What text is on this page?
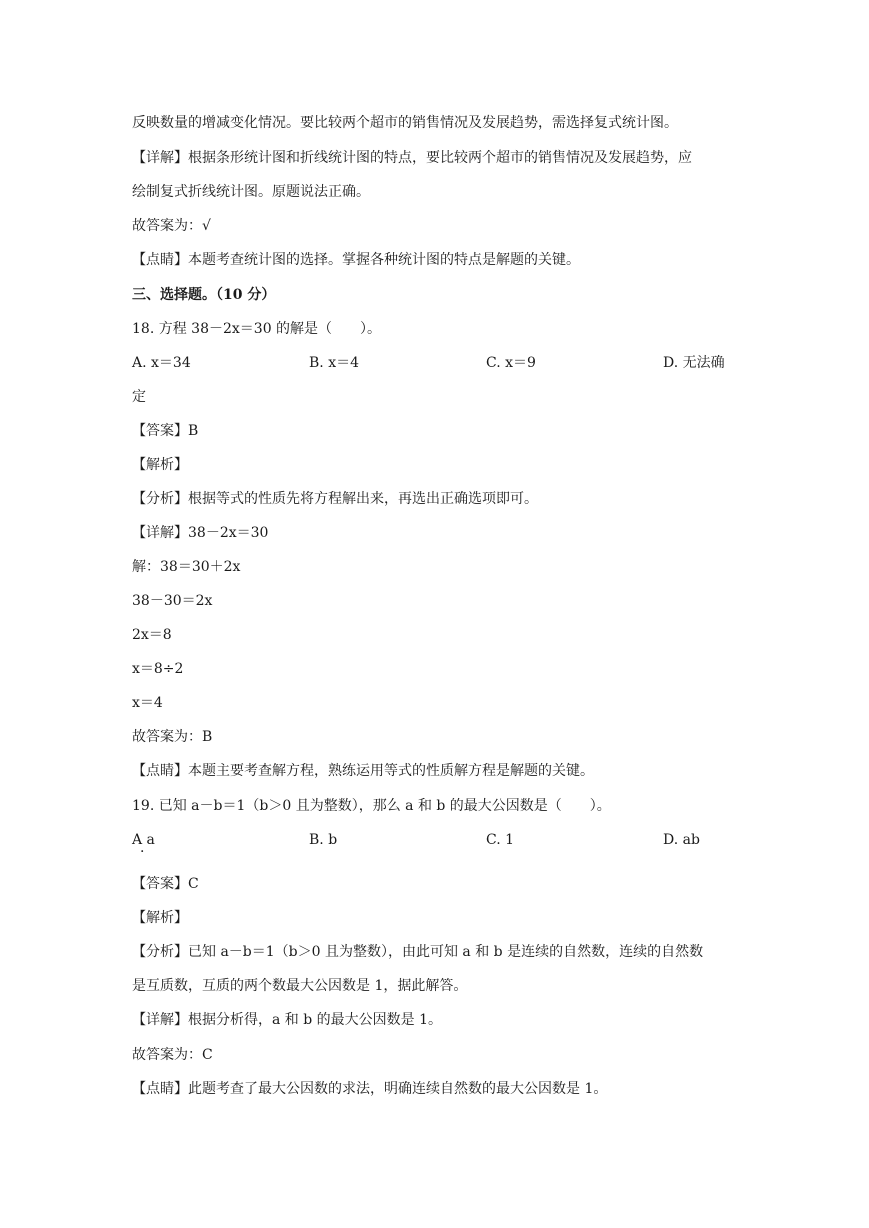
反映数量的增减变化情况。要比较两个超市的销售情况及发展趋势，需选择复式统计图。
【详解】根据条形统计图和折线统计图的特点，要比较两个超市的销售情况及发展趋势，应
绘制复式折线统计图。原题说法正确。
故答案为：√
【点睛】本题考查统计图的选择。掌握各种统计图的特点是解题的关键。
三、选择题。（10 分）
18. 方程 38－2x＝30 的解是（　　）。
A. x＝34	B. x＝4	C. x＝9	D. 无法确
定
【答案】B
【解析】
【分析】根据等式的性质先将方程解出来，再选出正确选项即可。
【详解】38－2x＝30
解：38＝30＋2x
38－30＝2x
2x＝8
x＝8÷2
x＝4
故答案为：B
【点睛】本题主要考查解方程，熟练运用等式的性质解方程是解题的关键。
19. 已知 a－b＝1（b＞0 且为整数），那么 a 和 b 的最大公因数是（　　）。
A a
·
B. b	C. 1	D. ab
【答案】C
【解析】
【分析】已知 a－b＝1（b＞0 且为整数），由此可知 a 和 b 是连续的自然数，连续的自然数
是互质数，互质的两个数最大公因数是 1，据此解答。
【详解】根据分析得，a 和 b 的最大公因数是 1。
故答案为：C
【点睛】此题考查了最大公因数的求法，明确连续自然数的最大公因数是 1。
